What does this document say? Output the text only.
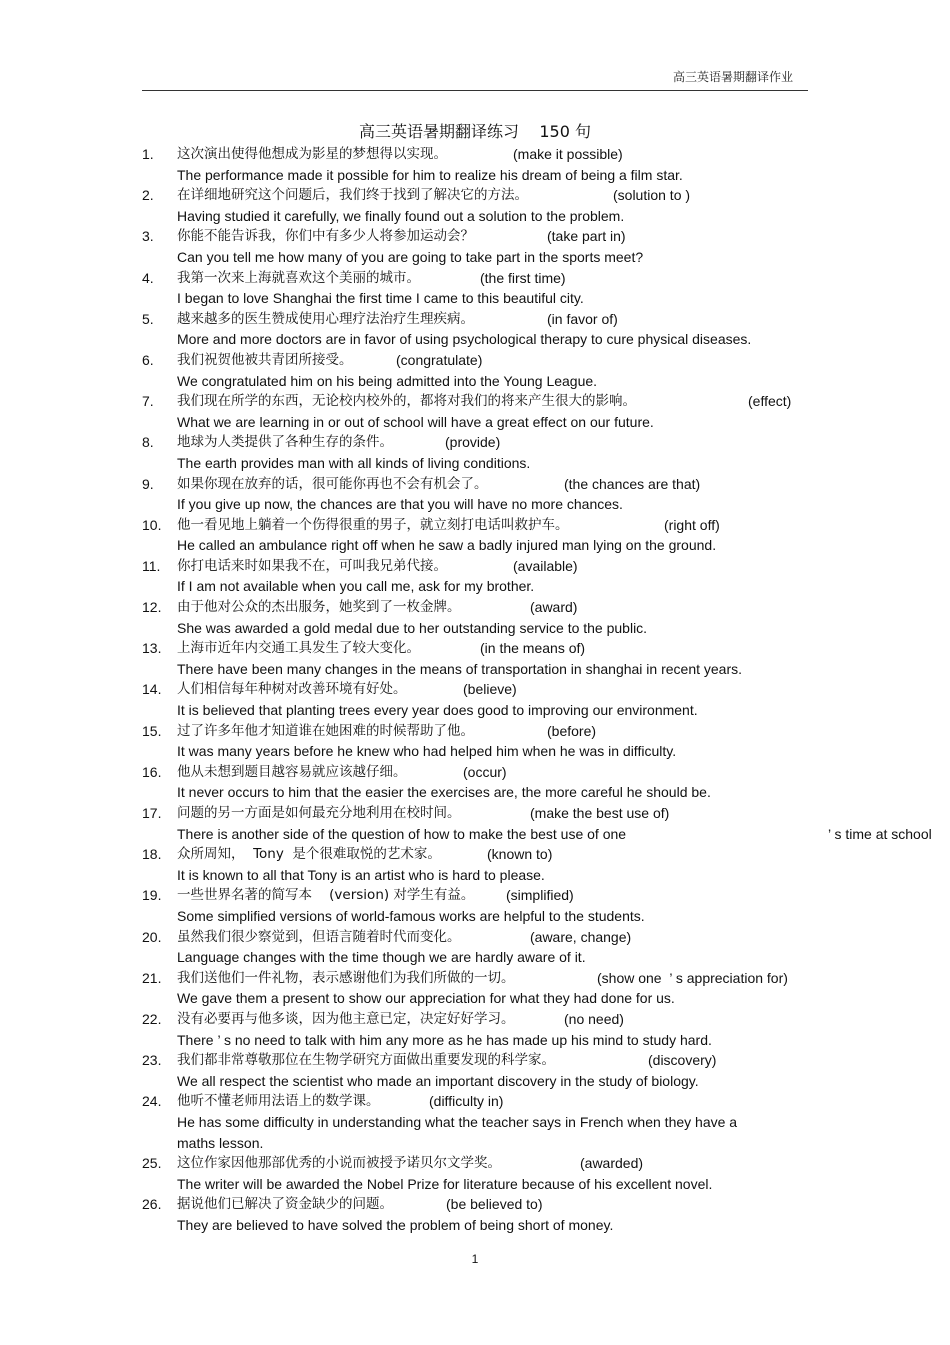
高三英语暑期翻译作业
高三英语暑期翻译练习    150 句
1.	这次演出使得他想成为影星的梦想得以实现。	(make it possible)
The performance made it possible for him to realize his dream of being a film star.
2.	在详细地研究这个问题后，我们终于找到了解决它的方法。	(solution to )
Having studied it carefully, we finally found out a solution to the problem.
3.	你能不能告诉我，你们中有多少人将参加运动会？	(take part in)
Can you tell me how many of you are going to take part in the sports meet?
4.	我第一次来上海就喜欢这个美丽的城市。	(the first time)
I began to love Shanghai the first time I came to this beautiful city.
5.	越来越多的医生赞成使用心理疗法治疗生理疾病。	(in favor of)
More and more doctors are in favor of using psychological therapy to cure physical diseases.
6.	我们祝贺他被共青团所接受。	(congratulate)
We congratulated him on his being admitted into the Young League.
7.	我们现在所学的东西，无论校内校外的，都将对我们的将来产生很大的影响。	(effect)
What we are learning in or out of school will have a great effect on our future.
8.	地球为人类提供了各种生存的条件。	(provide)
The earth provides man with all kinds of living conditions.
9.	如果你现在放弃的话，很可能你再也不会有机会了。	(the chances are that)
If you give up now, the chances are that you will have no more chances.
10.	他一看见地上躺着一个伤得很重的男子，就立刻打电话叫救护车。	(right off)
He called an ambulance right off when he saw a badly injured man lying on the ground.
11.	你打电话来时如果我不在，可叫我兄弟代接。	(available)
If I am not available when you call me, ask for my brother.
12.	由于他对公众的杰出服务，她奖到了一枚金牌。	(award)
She was awarded a gold medal due to her outstanding service to the public.
13.	上海市近年内交通工具发生了较大变化。	(in the means of)
There have been many changes in the means of transportation in shanghai in recent years.
14.	人们相信每年种树对改善环境有好处。	(believe)
It is believed that planting trees every year does good to improving our environment.
15.	过了许多年他才知道谁在她困难的时候帮助了他。	(before)
It was many years before he knew who had helped him when he was in difficulty.
16.	他从未想到题目越容易就应该越仔细。	(occur)
It never occurs to him that the easier the exercises are, the more careful he should be.
17.	问题的另一方面是如何最充分地利用在校时间。	(make the best use of)
There is another side of the question of how to make the best use of one	’ s time at school
18.	众所周知，  Tony  是个很难取悦的艺术家。	(known to)
It is known to all that Tony is an artist who is hard to please.
19.	一些世界名著的简写本    (version) 对学生有益。 (simplified)
Some simplified versions of world-famous works are helpful to the students.
20.	虽然我们很少察觉到，但语言随着时代而变化。	(aware, change)
Language changes with the time though we are hardly aware of it.
21.	我们送他们一件礼物，表示感谢他们为我们所做的一切。	(show one  ’ s appreciation for)
We gave them a present to show our appreciation for what they had done for us.
22.	没有必要再与他多谈，因为他主意已定，决定好好学习。	(no need)
There ’ s no need to talk with him any more as he has made up his mind to study hard.
23.	我们都非常尊敬那位在生物学研究方面做出重要发现的科学家。	(discovery)
We all respect the scientist who made an important discovery in the study of biology.
24.	他听不懂老师用法语上的数学课。	(difficulty in)
He has some difficulty in understanding what the teacher says in French when they have a maths lesson.
25.	这位作家因他那部优秀的小说而被授予诺贝尔文学奖。	(awarded)
The writer will be awarded the Nobel Prize for literature because of his excellent novel.
26.	据说他们已解决了资金缺少的问题。	(be believed to)
They are believed to have solved the problem of being short of money.
1
